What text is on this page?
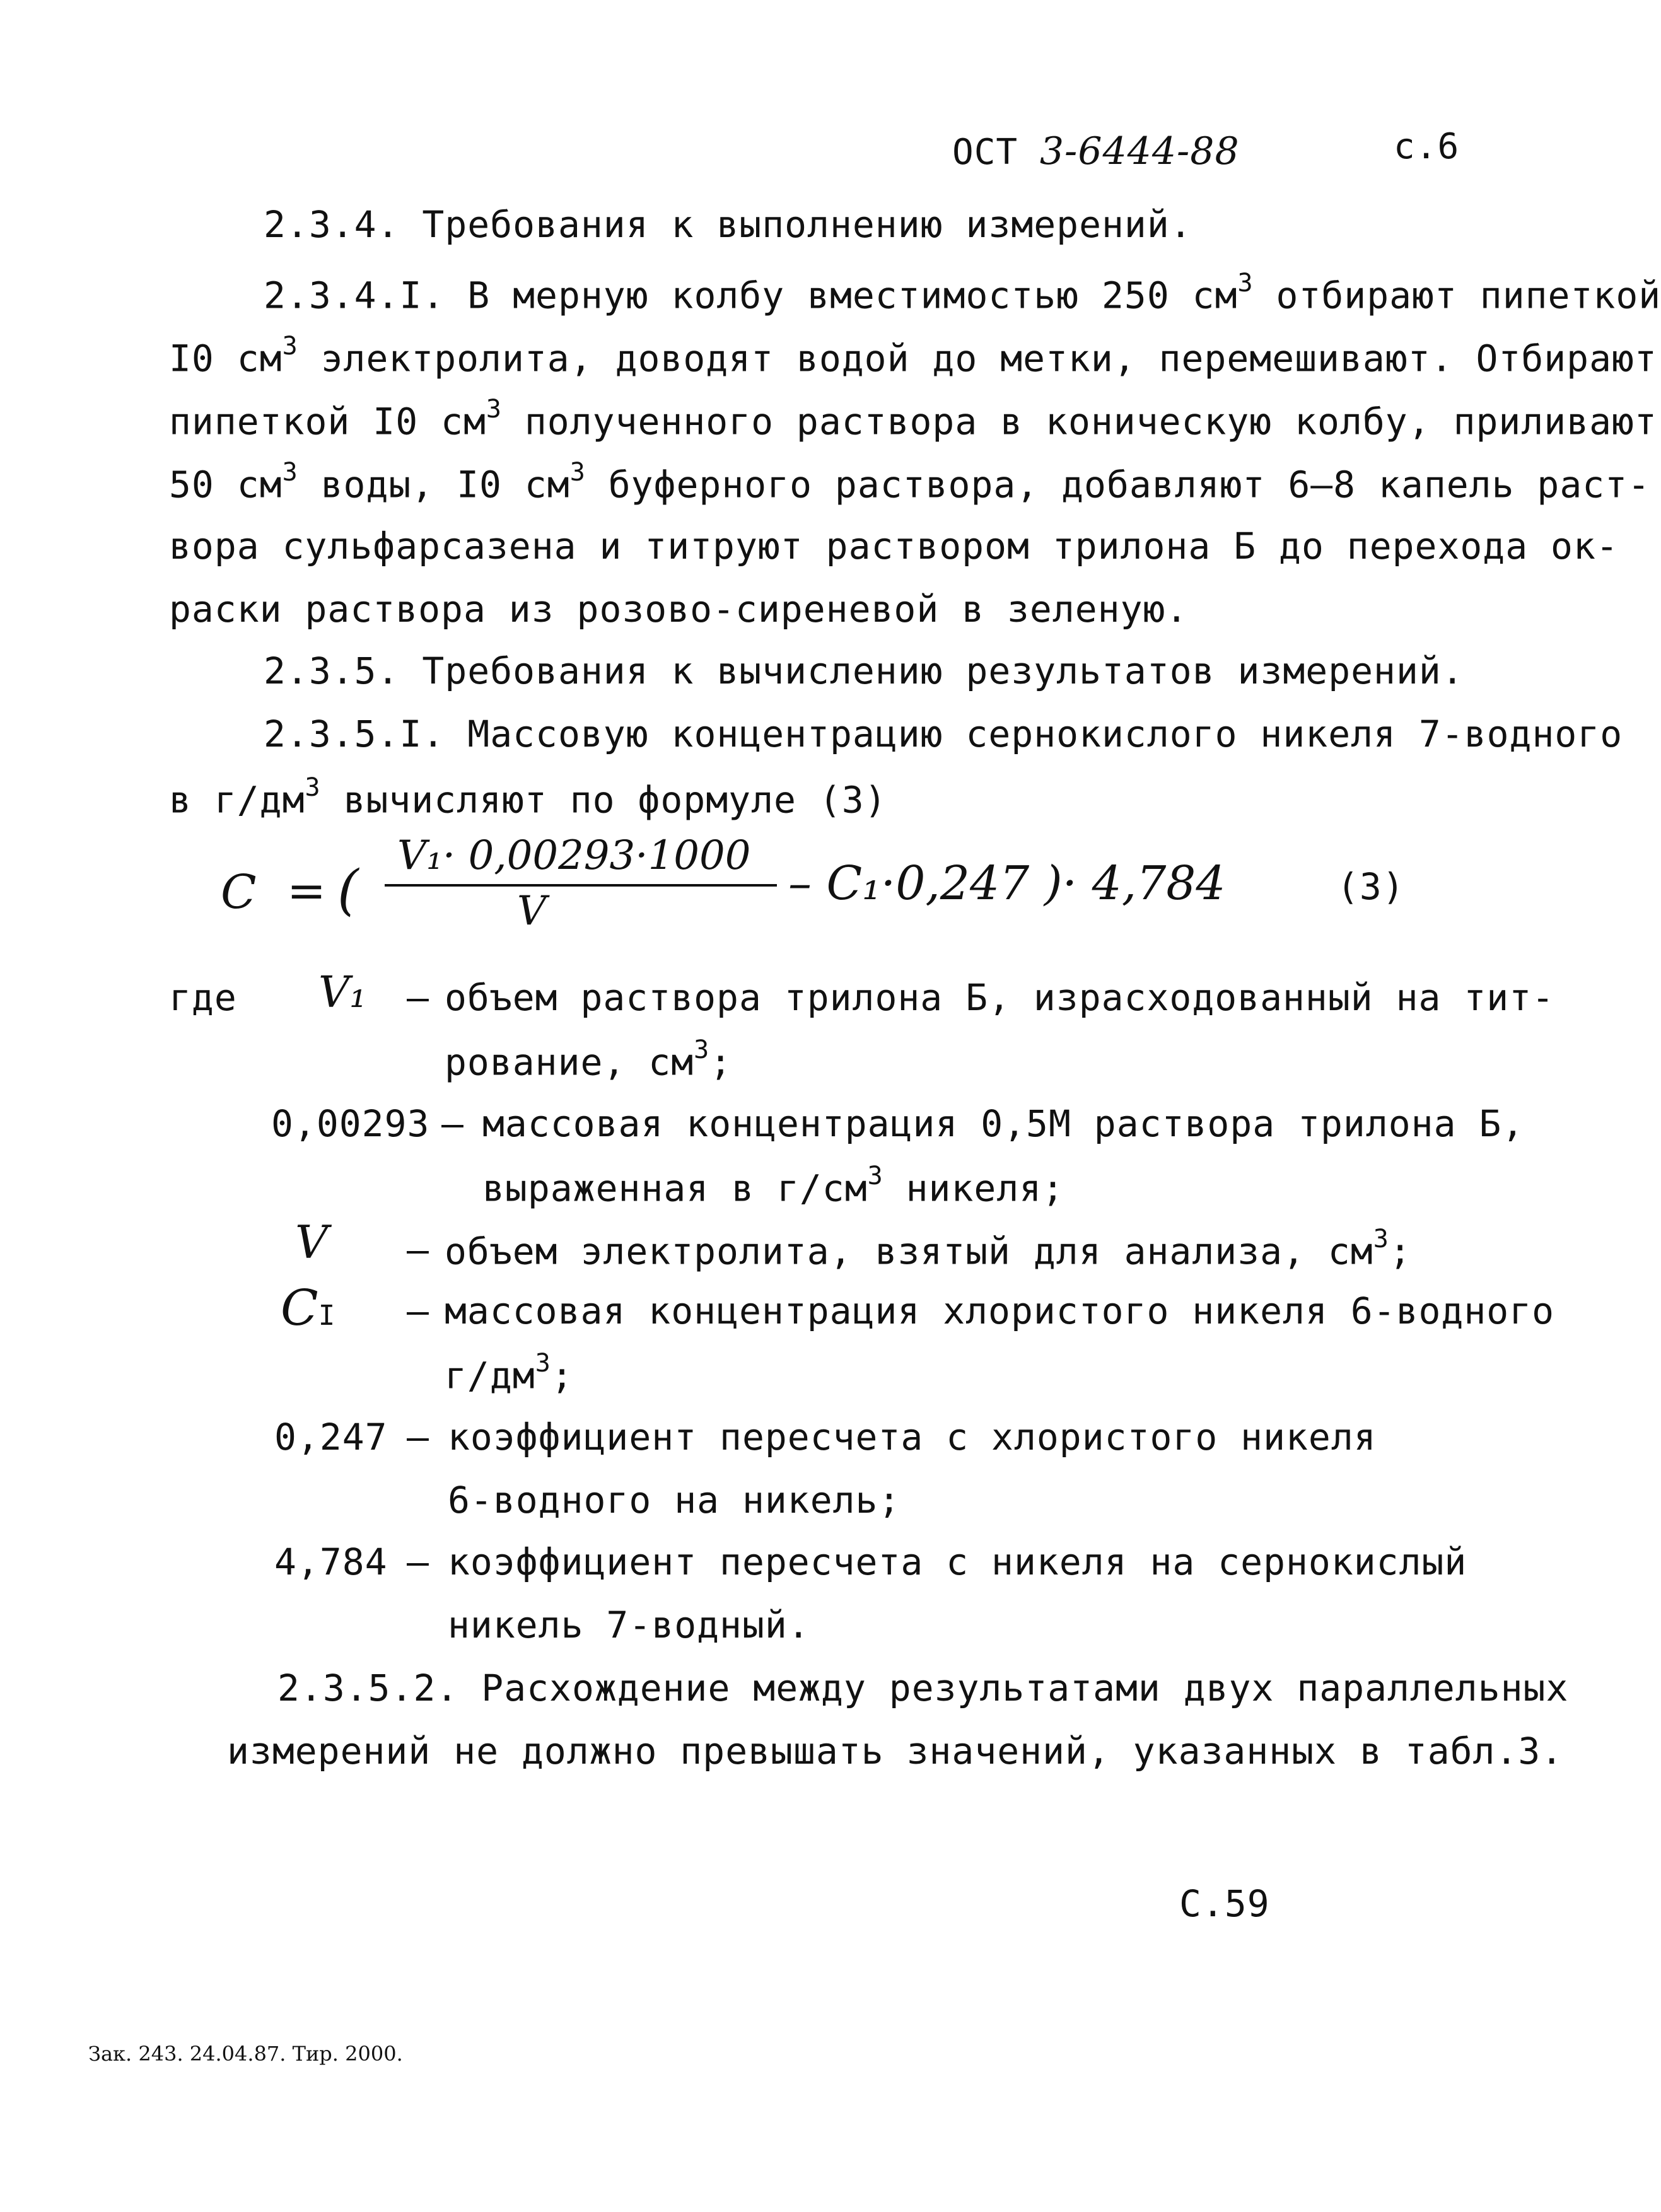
ОСТ 3-6444-88	с.6
2.3.4. Требования к выполнению измерений.
2.3.4.I. В мерную колбу вместимостью 250 $см^3$ отбирают пипеткой
I0 $см^3$ электролита, доводят водой до метки, перемешивают. Отбирают
пипеткой I0 $см^3$ полученного раствора в коническую колбу, приливают
50 $см^3$ воды, I0 $см^3$ буферного раствора, добавляют 6–8 капель раст-
вора сульфарсазена и титруют раствором трилона Б до перехода ок-
раски раствора из розово-сиреневой в зеленую.
2.3.5. Требования к вычислению результатов измерений.
2.3.5.I. Массовую концентрацию сернокислого никеля 7-водного
в $г/дм^3$ вычисляют по формуле (3)
C = (
V₁· 0,00293·1000
V
– C₁·0,247 )· 4,784	(3)
где V₁ – объем раствора трилона Б, израсходованный на тит-
рование, $см^3$;
0,00293 – массовая концентрация 0,5М раствора трилона Б,
выраженная в $г/см^3$ никеля;
V – объем электролита, взятый для анализа, $см^3$;
CI – массовая концентрация хлористого никеля 6-водного
$г/дм^3$;
0,247 – коэффициент пересчета с хлористого никеля
6-водного на никель;
4,784 – коэффициент пересчета с никеля на сернокислый
никель 7-водный.
2.3.5.2. Расхождение между результатами двух параллельных
измерений не должно превышать значений, указанных в табл.3.
С.59
Зак. 243. 24.04.87. Тир. 2000.
